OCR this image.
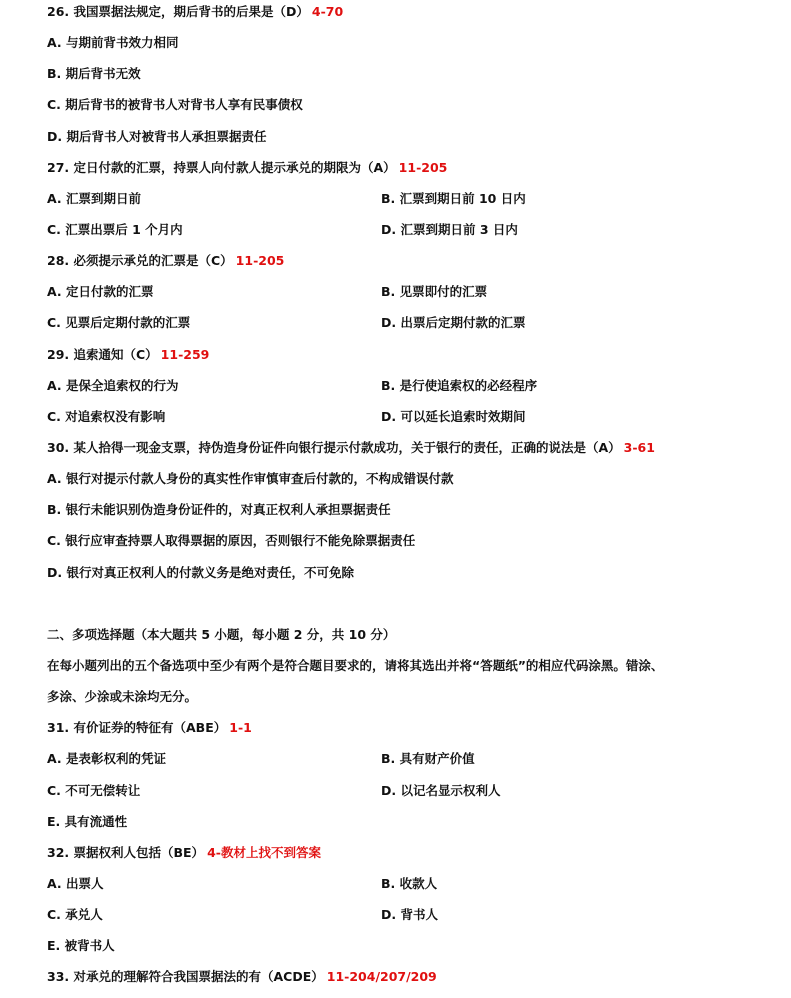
26. 我国票据法规定，期后背书的后果是（D） 4-70
A. 与期前背书效力相同
B. 期后背书无效
C. 期后背书的被背书人对背书人享有民事债权
D. 期后背书人对被背书人承担票据责任
27. 定日付款的汇票，持票人向付款人提示承兑的期限为（A） 11-205
A. 汇票到期日前	B. 汇票到期日前 10 日内
C. 汇票出票后 1 个月内	D. 汇票到期日前 3 日内
28. 必须提示承兑的汇票是（C） 11-205
A. 定日付款的汇票	B. 见票即付的汇票
C. 见票后定期付款的汇票	D. 出票后定期付款的汇票
29. 追索通知（C） 11-259
A. 是保全追索权的行为	B. 是行使追索权的必经程序
C. 对追索权没有影响	D. 可以延长追索时效期间
30. 某人拾得一现金支票，持伪造身份证件向银行提示付款成功，关于银行的责任，正确的说法是（A） 3-61
A. 银行对提示付款人身份的真实性作审慎审查后付款的，不构成错误付款
B. 银行未能识别伪造身份证件的，对真正权利人承担票据责任
C. 银行应审查持票人取得票据的原因，否则银行不能免除票据责任
D. 银行对真正权利人的付款义务是绝对责任，不可免除
二、多项选择题（本大题共 5 小题，每小题 2 分，共 10 分）
在每小题列出的五个备选项中至少有两个是符合题目要求的，请将其选出并将“答题纸”的相应代码涂黑。错涂、
多涂、少涂或未涂均无分。
31. 有价证券的特征有（ABE） 1-1
A. 是表彰权利的凭证	B. 具有财产价值
C. 不可无偿转让	D. 以记名显示权利人
E. 具有流通性
32. 票据权利人包括（BE） 4-教材上找不到答案
A. 出票人	B. 收款人
C. 承兑人	D. 背书人
E. 被背书人
33. 对承兑的理解符合我国票据法的有（ACDE） 11-204/207/209
